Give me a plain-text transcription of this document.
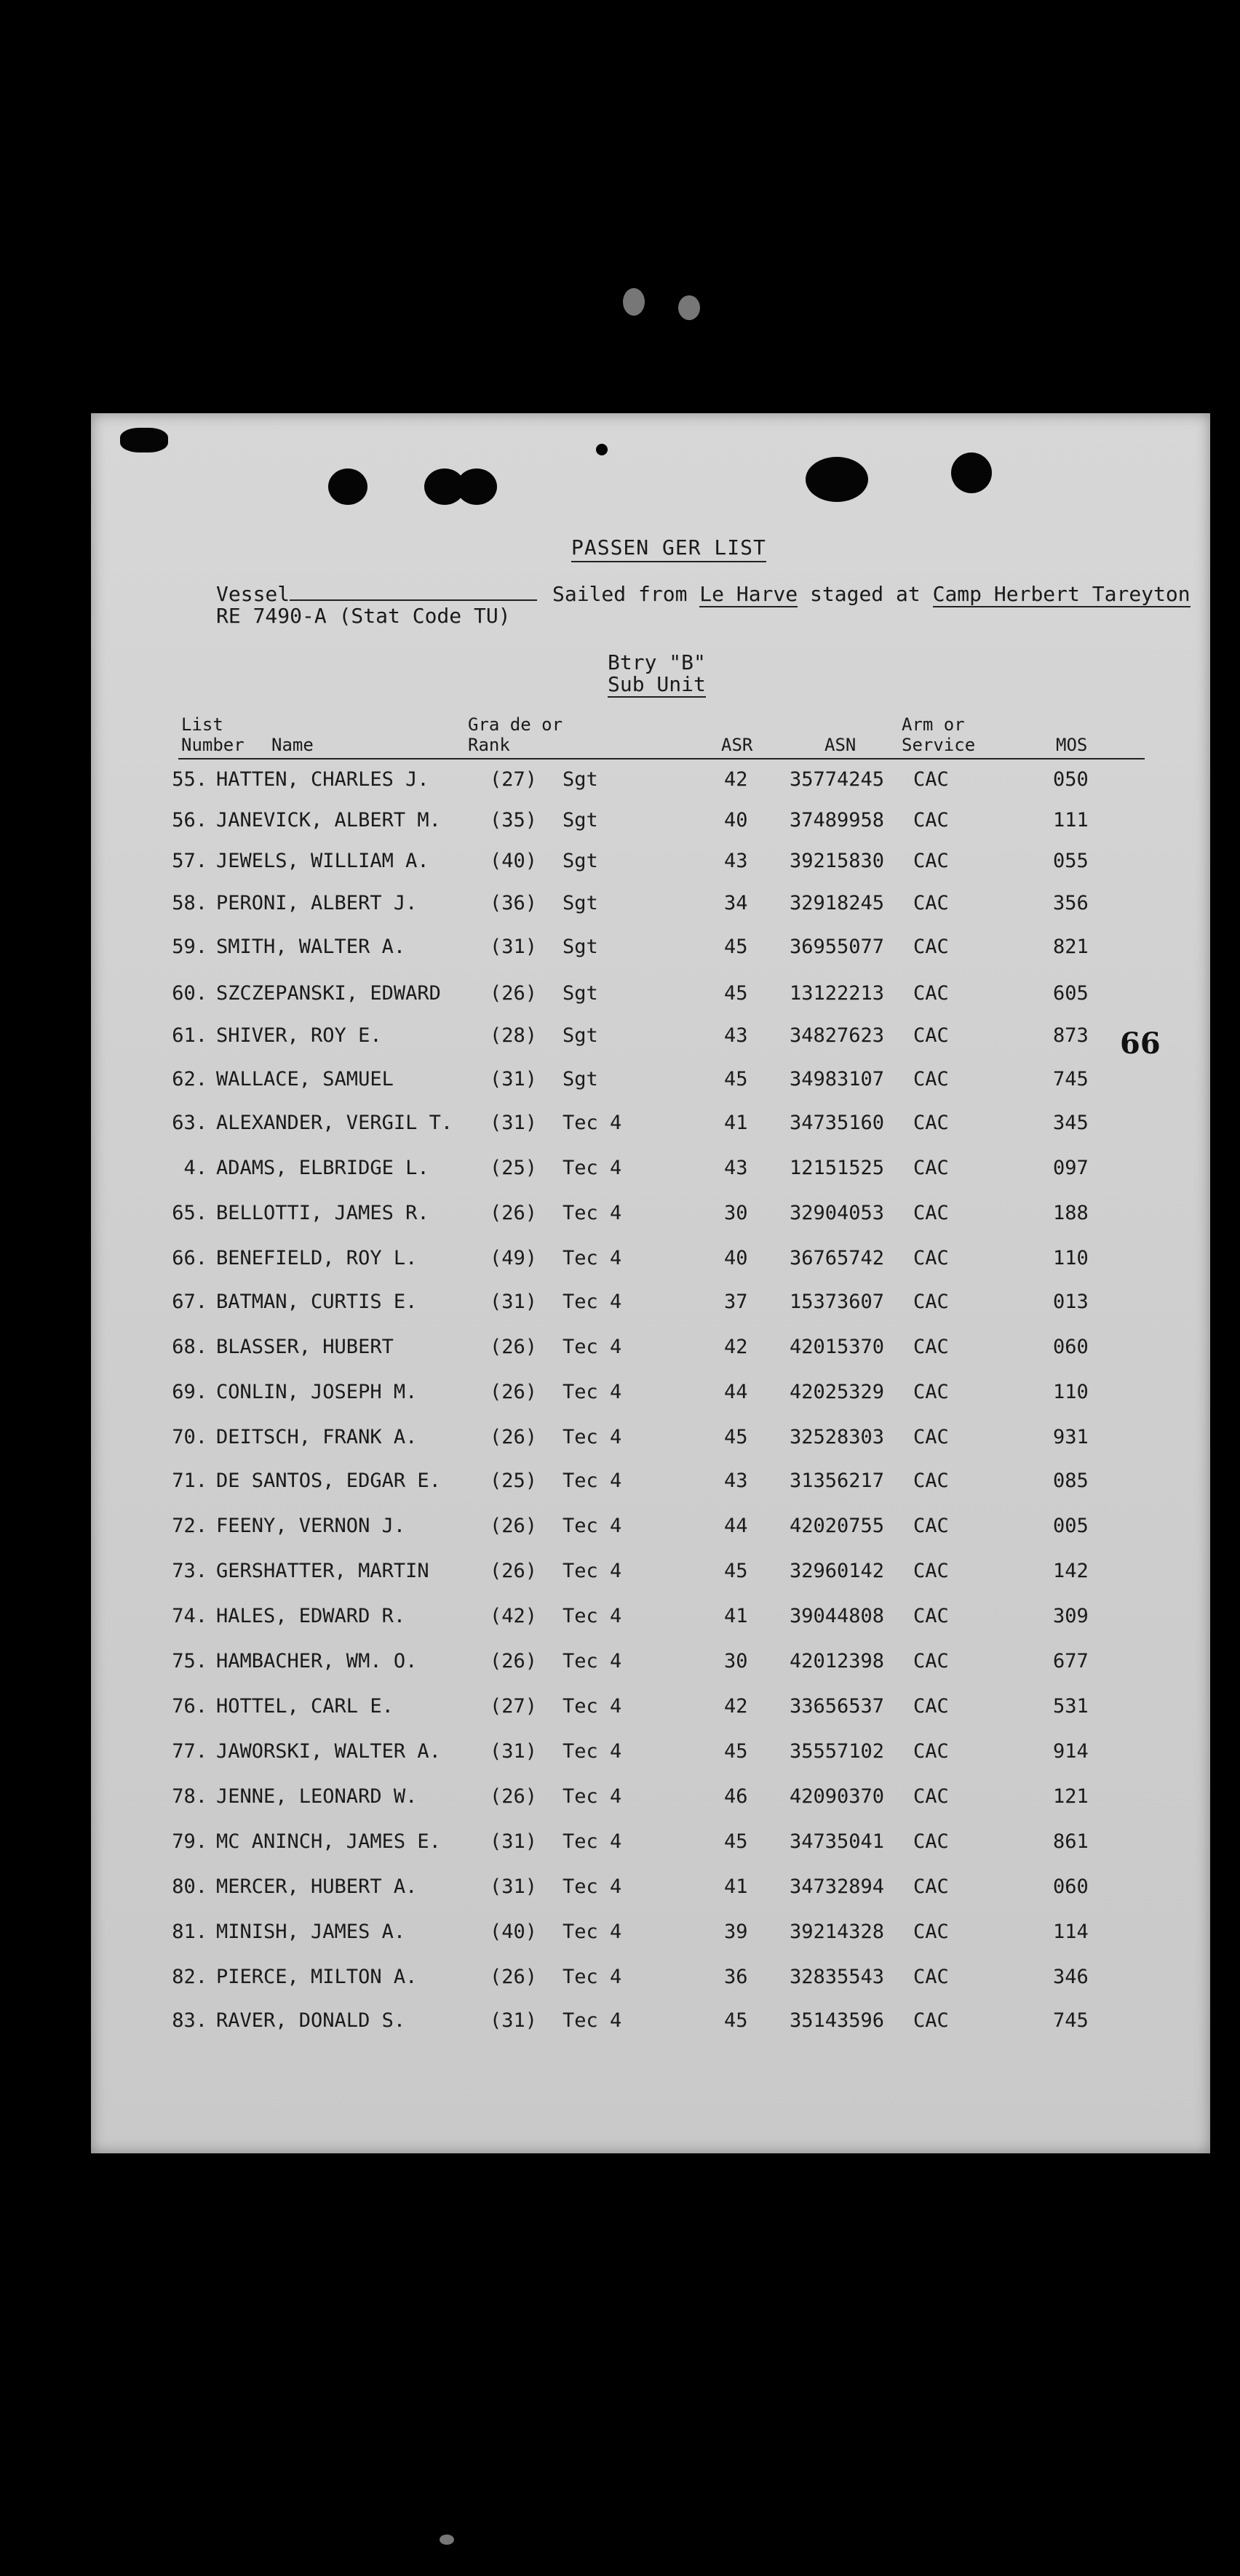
PASSEN GER LIST
Vessel	Sailed from Le Harve staged at Camp Herbert Tareyton
RE 7490-A (Stat Code TU)
Btry "B"
Sub Unit
List
Number Name
Gra de or
Rank	ASR	ASN
Arm or
Service	MOS
55. HATTEN, CHARLES J.	(27) Sgt	42 35774245 CAC	050
56. JANEVICK, ALBERT M. (35) Sgt	40 37489958 CAC	111
57. JEWELS, WILLIAM A.	(40) Sgt	43 39215830 CAC	055
58. PERONI, ALBERT J.	(36) Sgt	34 32918245 CAC	356
59. SMITH, WALTER A.	(31) Sgt	45 36955077 CAC	821
60. SZCZEPANSKI, EDWARD (26) Sgt	45 13122213 CAC	605
61. SHIVER, ROY E.	(28) Sgt	43 34827623 CAC	873
62. WALLACE, SAMUEL	(31) Sgt	45 34983107 CAC	745
63. ALEXANDER, VERGIL T. (31) Tec 4	41 34735160 CAC	345
4. ADAMS, ELBRIDGE L.	(25) Tec 4	43 12151525 CAC	097
65. BELLOTTI, JAMES R.	(26) Tec 4	30 32904053 CAC	188
66. BENEFIELD, ROY L.	(49) Tec 4	40 36765742 CAC	110
67. BATMAN, CURTIS E.	(31) Tec 4	37 15373607 CAC	013
68. BLASSER, HUBERT	(26) Tec 4	42 42015370 CAC	060
69. CONLIN, JOSEPH M.	(26) Tec 4	44 42025329 CAC	110
70. DEITSCH, FRANK A.	(26) Tec 4	45 32528303 CAC	931
71. DE SANTOS, EDGAR E. (25) Tec 4	43 31356217 CAC	085
72. FEENY, VERNON J.	(26) Tec 4	44 42020755 CAC	005
73. GERSHATTER, MARTIN	(26) Tec 4	45 32960142 CAC	142
74. HALES, EDWARD R.	(42) Tec 4	41 39044808 CAC	309
75. HAMBACHER, WM. O.	(26) Tec 4	30 42012398 CAC	677
76. HOTTEL, CARL E.	(27) Tec 4	42 33656537 CAC	531
77. JAWORSKI, WALTER A. (31) Tec 4	45 35557102 CAC	914
78. JENNE, LEONARD W.	(26) Tec 4	46 42090370 CAC	121
79. MC ANINCH, JAMES E. (31) Tec 4	45 34735041 CAC	861
80. MERCER, HUBERT A.	(31) Tec 4	41 34732894 CAC	060
81. MINISH, JAMES A.	(40) Tec 4	39 39214328 CAC	114
82. PIERCE, MILTON A.	(26) Tec 4	36 32835543 CAC	346
83. RAVER, DONALD S.	(31) Tec 4	45 35143596 CAC	745
66
